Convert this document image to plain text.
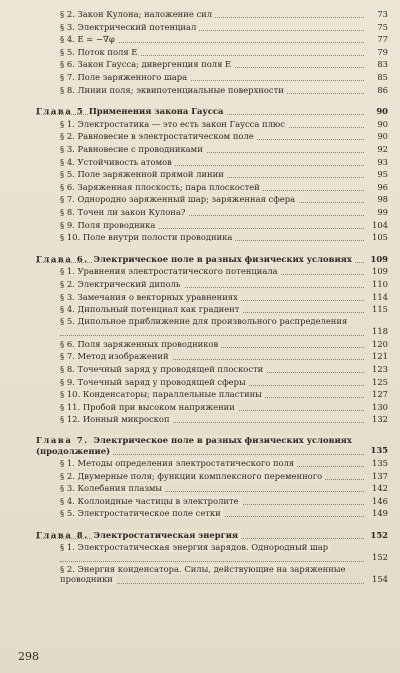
§ 2. Закон Кулона; наложение сил	73
§ 3. Электрический потенциал	75
§ 4. E = −∇φ	77
§ 5. Поток поля E	79
§ 6. Закон Гаусса; дивергенция поля E	83
§ 7. Поле заряженного шара	85
§ 8. Линии поля; эквипотенциальные поверхности	86
Глава 5 Применения закона Гаусса	90
§ 1. Электростатика — это есть закон Гаусса плюс	90
§ 2. Равновесие в электростатическом поле	90
§ 3. Равновесие с проводниками	92
§ 4. Устойчивость атомов	93
§ 5. Поле заряженной прямой линии	95
§ 6. Заряженная плоскость; пара плоскостей	96
§ 7. Однородно заряженный шар; заряженная сфера	98
§ 8. Точен ли закон Кулона?	99
§ 9. Поля проводника	104
§ 10. Поле внутри полости проводника	105
Глава 6. Электрическое поле в разных физических условиях	109
§ 1. Уравнения электростатического потенциала	109
§ 2. Электрический диполь	110
§ 3. Замечания о векторных уравнениях	114
§ 4. Дипольный потенциал как градиент	115
§ 5. Дипольное приближение для произвольного распределения
118
§ 6. Поля заряженных проводников	120
§ 7. Метод изображений	121
§ 8. Точечный заряд у проводящей плоскости	123
§ 9. Точечный заряд у проводящей сферы	125
§ 10. Конденсаторы; параллельные пластины	127
§ 11. Пробой при высоком напряжении	130
§ 12. Ионный микроскоп	132
Глава 7. Электрическое поле в разных физических условиях (продолжение)	135
§ 1. Методы определения электростатического поля	135
§ 2. Двумерные поля; функции комплексного переменного	137
§ 3. Колебания плазмы	142
§ 4. Коллоидные частицы в электролите	146
§ 5. Электростатическое поле сетки	149
Глава 8. Электростатическая энергия	152
§ 1. Электростатическая энергия зарядов. Однородный шар
152
§ 2. Энергия конденсатора. Силы, действующие на заряженные проводники	154
298
